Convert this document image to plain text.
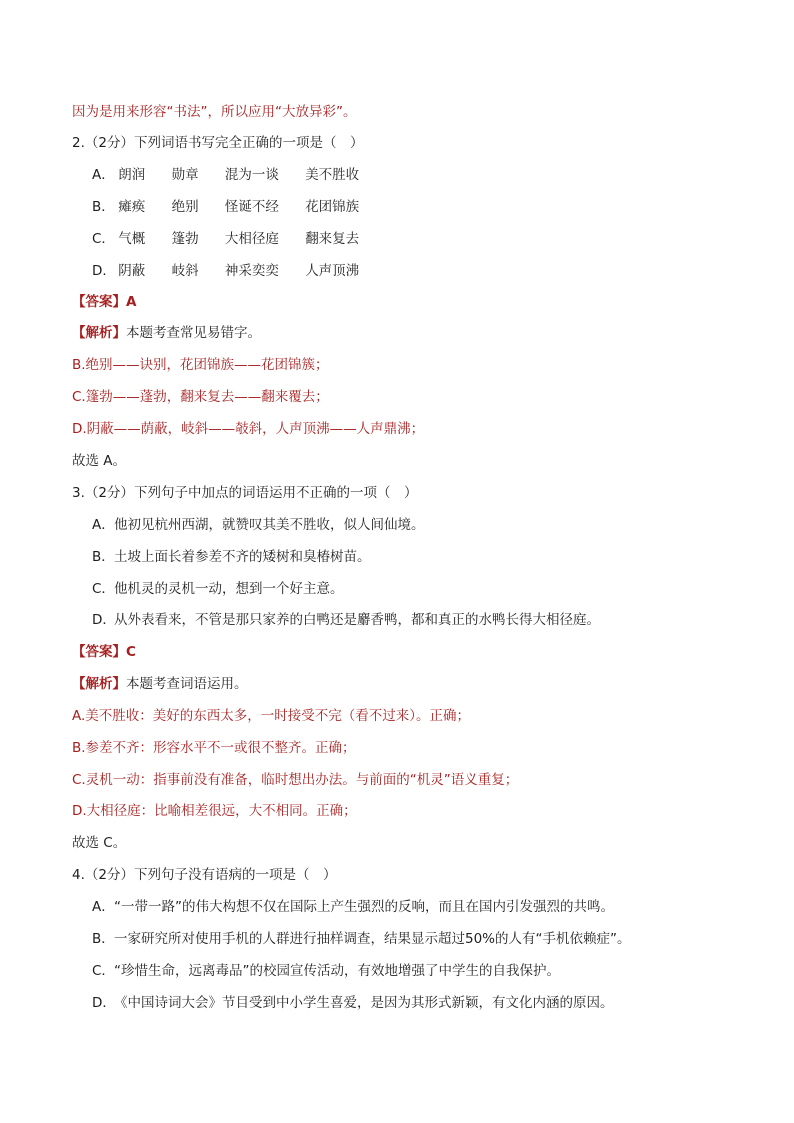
因为是用来形容“书法”，所以应用“大放异彩”。
2.（2分）下列词语书写完全正确的一项是（　）
A． 朗润 勋章 混为一谈 美不胜收
B． 瘫痪 绝别 怪诞不经 花团锦族
C． 气概 篷勃 大相径庭 翻来复去
D． 阴蔽 岐斜 神采奕奕 人声顶沸
【答案】A
【解析】本题考查常见易错字。
B.绝别——诀别，花团锦族——花团锦簇；
C.篷勃——蓬勃，翻来复去——翻来覆去；
D.阴蔽——荫蔽，岐斜——攲斜，人声顶沸——人声鼎沸；
故选 A。
3.（2分）下列句子中加点的词语运用不正确的一项（　）
A．他初见杭州西湖，就赞叹其美不胜收，似人间仙境。
B．土坡上面长着参差不齐的矮树和臭椿树苗。
C．他机灵的灵机一动，想到一个好主意。
D．从外表看来，不管是那只家养的白鸭还是麝香鸭，都和真正的水鸭长得大相径庭。
【答案】C
【解析】本题考查词语运用。
A.美不胜收：美好的东西太多，一时接受不完（看不过来）。正确；
B.参差不齐：形容水平不一或很不整齐。正确；
C.灵机一动：指事前没有准备，临时想出办法。与前面的“机灵”语义重复；
D.大相径庭：比喻相差很远，大不相同。正确；
故选 C。
4.（2分）下列句子没有语病的一项是（　）
A．“一带一路”的伟大构想不仅在国际上产生强烈的反响，而且在国内引发强烈的共鸣。
B．一家研究所对使用手机的人群进行抽样调查，结果显示超过50%的人有“手机依赖症”。
C．“珍惜生命，远离毒品”的校园宣传活动，有效地增强了中学生的自我保护。
D．《中国诗词大会》节目受到中小学生喜爱，是因为其形式新颖，有文化内涵的原因。
